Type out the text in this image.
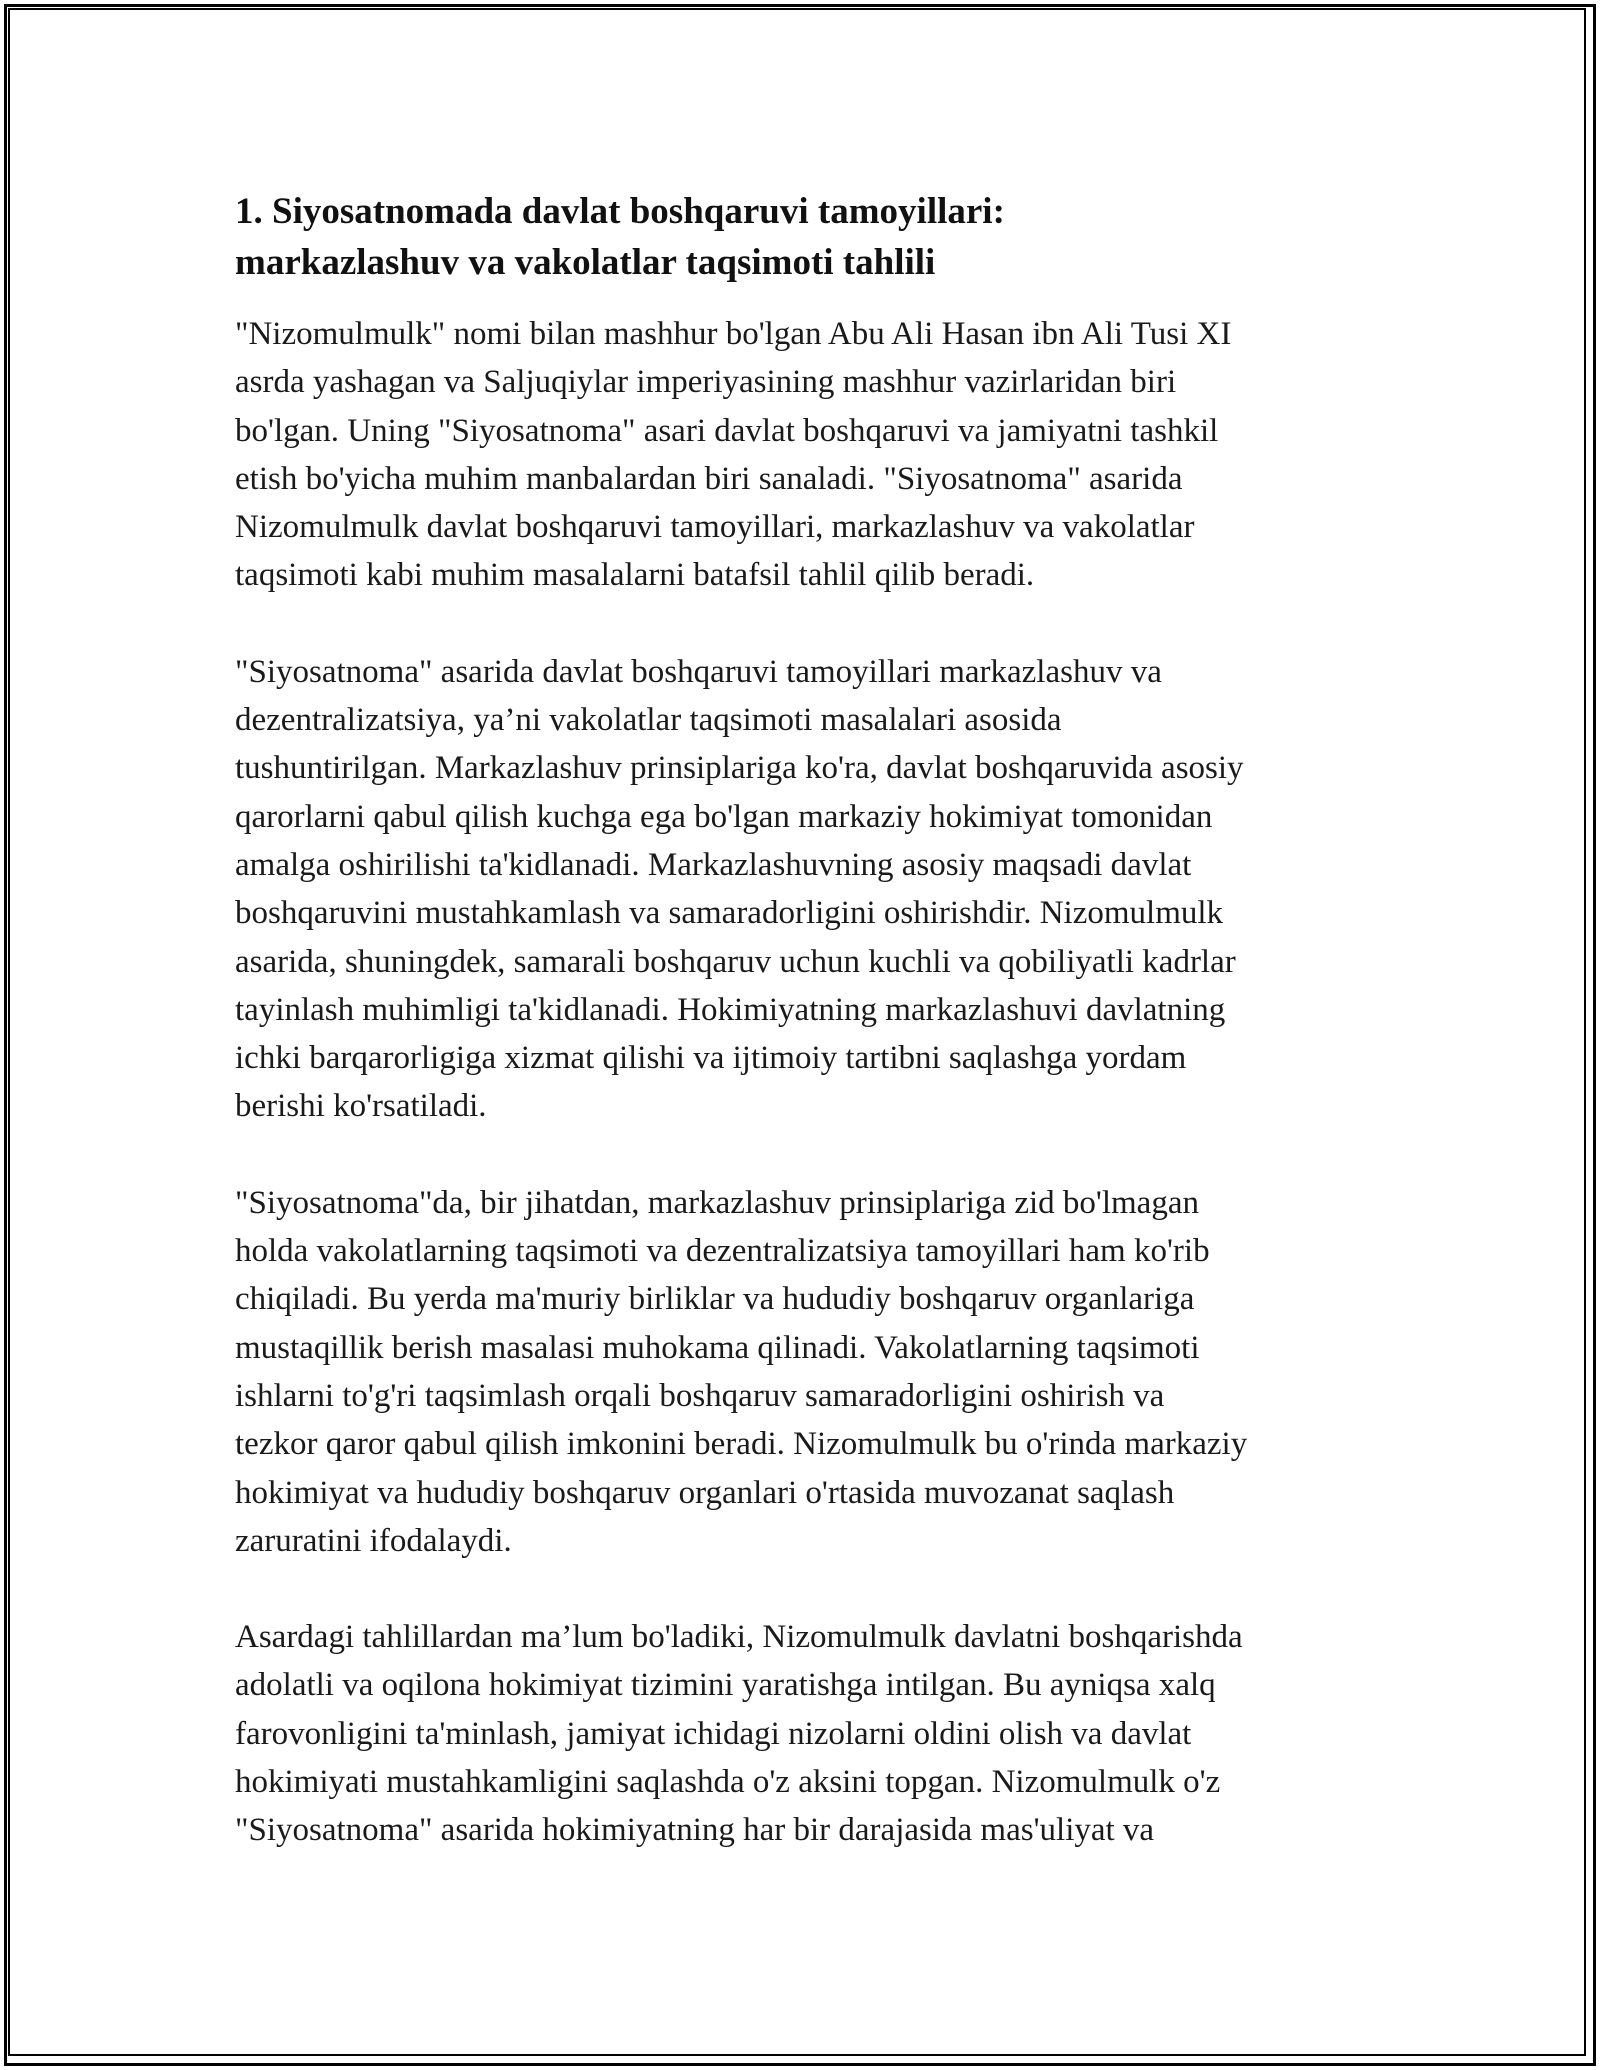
1. Siyosatnomada davlat boshqaruvi tamoyillari:
markazlashuv va vakolatlar taqsimoti tahlili

"Nizomulmulk" nomi bilan mashhur bo'lgan Abu Ali Hasan ibn Ali Tusi XI
asrda yashagan va Saljuqiylar imperiyasining mashhur vazirlaridan biri
bo'lgan. Uning "Siyosatnoma" asari davlat boshqaruvi va jamiyatni tashkil
etish bo'yicha muhim manbalardan biri sanaladi. "Siyosatnoma" asarida
Nizomulmulk davlat boshqaruvi tamoyillari, markazlashuv va vakolatlar
taqsimoti kabi muhim masalalarni batafsil tahlil qilib beradi.

"Siyosatnoma" asarida davlat boshqaruvi tamoyillari markazlashuv va
dezentralizatsiya, ya’ni vakolatlar taqsimoti masalalari asosida
tushuntirilgan. Markazlashuv prinsiplariga ko'ra, davlat boshqaruvida asosiy
qarorlarni qabul qilish kuchga ega bo'lgan markaziy hokimiyat tomonidan
amalga oshirilishi ta'kidlanadi. Markazlashuvning asosiy maqsadi davlat
boshqaruvini mustahkamlash va samaradorligini oshirishdir. Nizomulmulk
asarida, shuningdek, samarali boshqaruv uchun kuchli va qobiliyatli kadrlar
tayinlash muhimligi ta'kidlanadi. Hokimiyatning markazlashuvi davlatning
ichki barqarorligiga xizmat qilishi va ijtimoiy tartibni saqlashga yordam
berishi ko'rsatiladi.

"Siyosatnoma"da, bir jihatdan, markazlashuv prinsiplariga zid bo'lmagan
holda vakolatlarning taqsimoti va dezentralizatsiya tamoyillari ham ko'rib
chiqiladi. Bu yerda ma'muriy birliklar va hududiy boshqaruv organlariga
mustaqillik berish masalasi muhokama qilinadi. Vakolatlarning taqsimoti
ishlarni to'g'ri taqsimlash orqali boshqaruv samaradorligini oshirish va
tezkor qaror qabul qilish imkonini beradi. Nizomulmulk bu o'rinda markaziy
hokimiyat va hududiy boshqaruv organlari o'rtasida muvozanat saqlash
zaruratini ifodalaydi.

Asardagi tahlillardan ma’lum bo'ladiki, Nizomulmulk davlatni boshqarishda
adolatli va oqilona hokimiyat tizimini yaratishga intilgan. Bu ayniqsa xalq
farovonligini ta'minlash, jamiyat ichidagi nizolarni oldini olish va davlat
hokimiyati mustahkamligini saqlashda o'z aksini topgan. Nizomulmulk o'z
"Siyosatnoma" asarida hokimiyatning har bir darajasida mas'uliyat va
